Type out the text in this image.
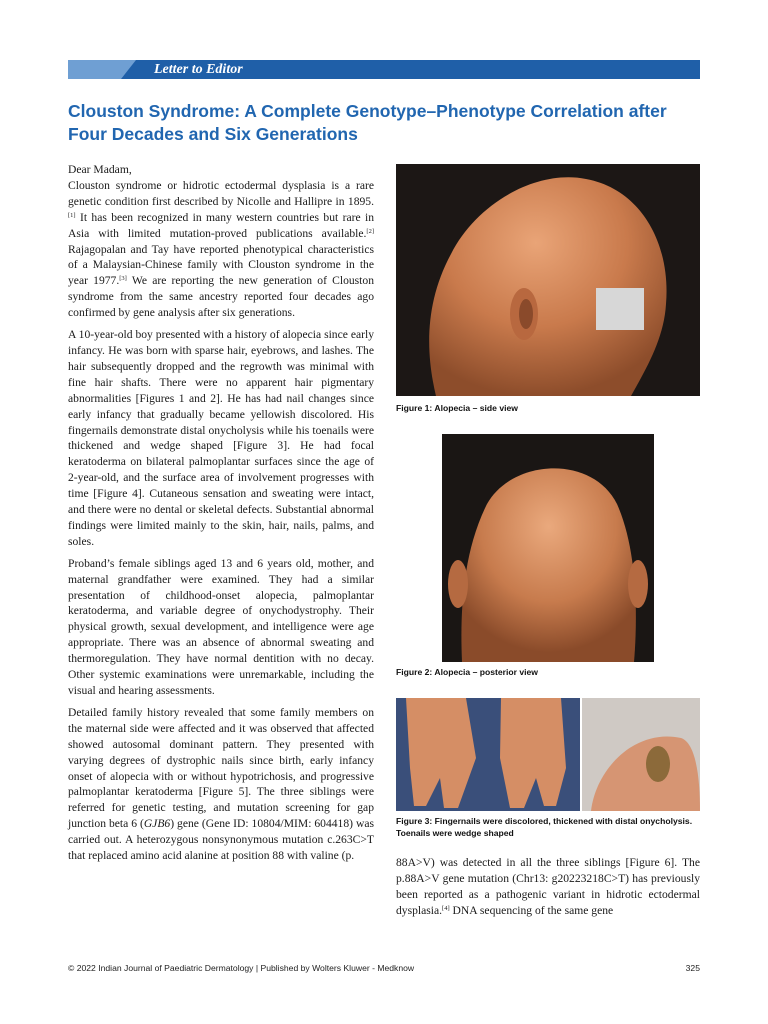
Letter to Editor
Clouston Syndrome: A Complete Genotype–Phenotype Correlation after Four Decades and Six Generations

Dear Madam,

Clouston syndrome or hidrotic ectodermal dysplasia is a rare genetic condition first described by Nicolle and Hallipre in 1895.[1] It has been recognized in many western countries but rare in Asia with limited mutation-proved publications available.[2] Rajagopalan and Tay have reported phenotypical characteristics of a Malaysian-Chinese family with Clouston syndrome in the year 1977.[3] We are reporting the new generation of Clouston syndrome from the same ancestry reported four decades ago confirmed by gene analysis after six generations.

A 10-year-old boy presented with a history of alopecia since early infancy. He was born with sparse hair, eyebrows, and lashes. The hair subsequently dropped and the regrowth was minimal with fine hair shafts. There were no apparent hair pigmentary abnormalities [Figures 1 and 2]. He has had nail changes since early infancy that gradually became yellowish discolored. His fingernails demonstrate distal onycholysis while his toenails were thickened and wedge shaped [Figure 3]. He had focal keratoderma on bilateral palmoplantar surfaces since the age of 2-year-old, and the surface area of involvement progresses with time [Figure 4]. Cutaneous sensation and sweating were intact, and there were no dental or skeletal defects. Substantial abnormal findings were limited mainly to the skin, hair, nails, palms, and soles.

Proband’s female siblings aged 13 and 6 years old, mother, and maternal grandfather were examined. They had a similar presentation of childhood-onset alopecia, palmoplantar keratoderma, and variable degree of onychodystrophy. Their physical growth, sexual development, and intelligence were age appropriate. There was an absence of abnormal sweating and thermoregulation. They have normal dentition with no decay. Other systemic examinations were unremarkable, including the visual and hearing assessments.

Detailed family history revealed that some family members on the maternal side were affected and it was observed that affected showed autosomal dominant pattern. They presented with varying degrees of dystrophic nails since birth, early infancy onset of alopecia with or without hypotrichosis, and progressive palmoplantar keratoderma [Figure 5]. The three siblings were referred for genetic testing, and mutation screening for gap junction beta 6 (GJB6) gene (Gene ID: 10804/MIM: 604418) was carried out. A heterozygous nonsynonymous mutation c.263C>T that replaced amino acid alanine at position 88 with valine (p.

Figure 1: Alopecia – side view
Figure 2: Alopecia – posterior view
Figure 3: Fingernails were discolored, thickened with distal onycholysis. Toenails were wedge shaped

88A>V) was detected in all the three siblings [Figure 6]. The p.88A>V gene mutation (Chr13: g20223218C>T) has previously been reported as a pathogenic variant in hidrotic ectodermal dysplasia.[4] DNA sequencing of the same gene

© 2022 Indian Journal of Paediatric Dermatology | Published by Wolters Kluwer - Medknow	325
